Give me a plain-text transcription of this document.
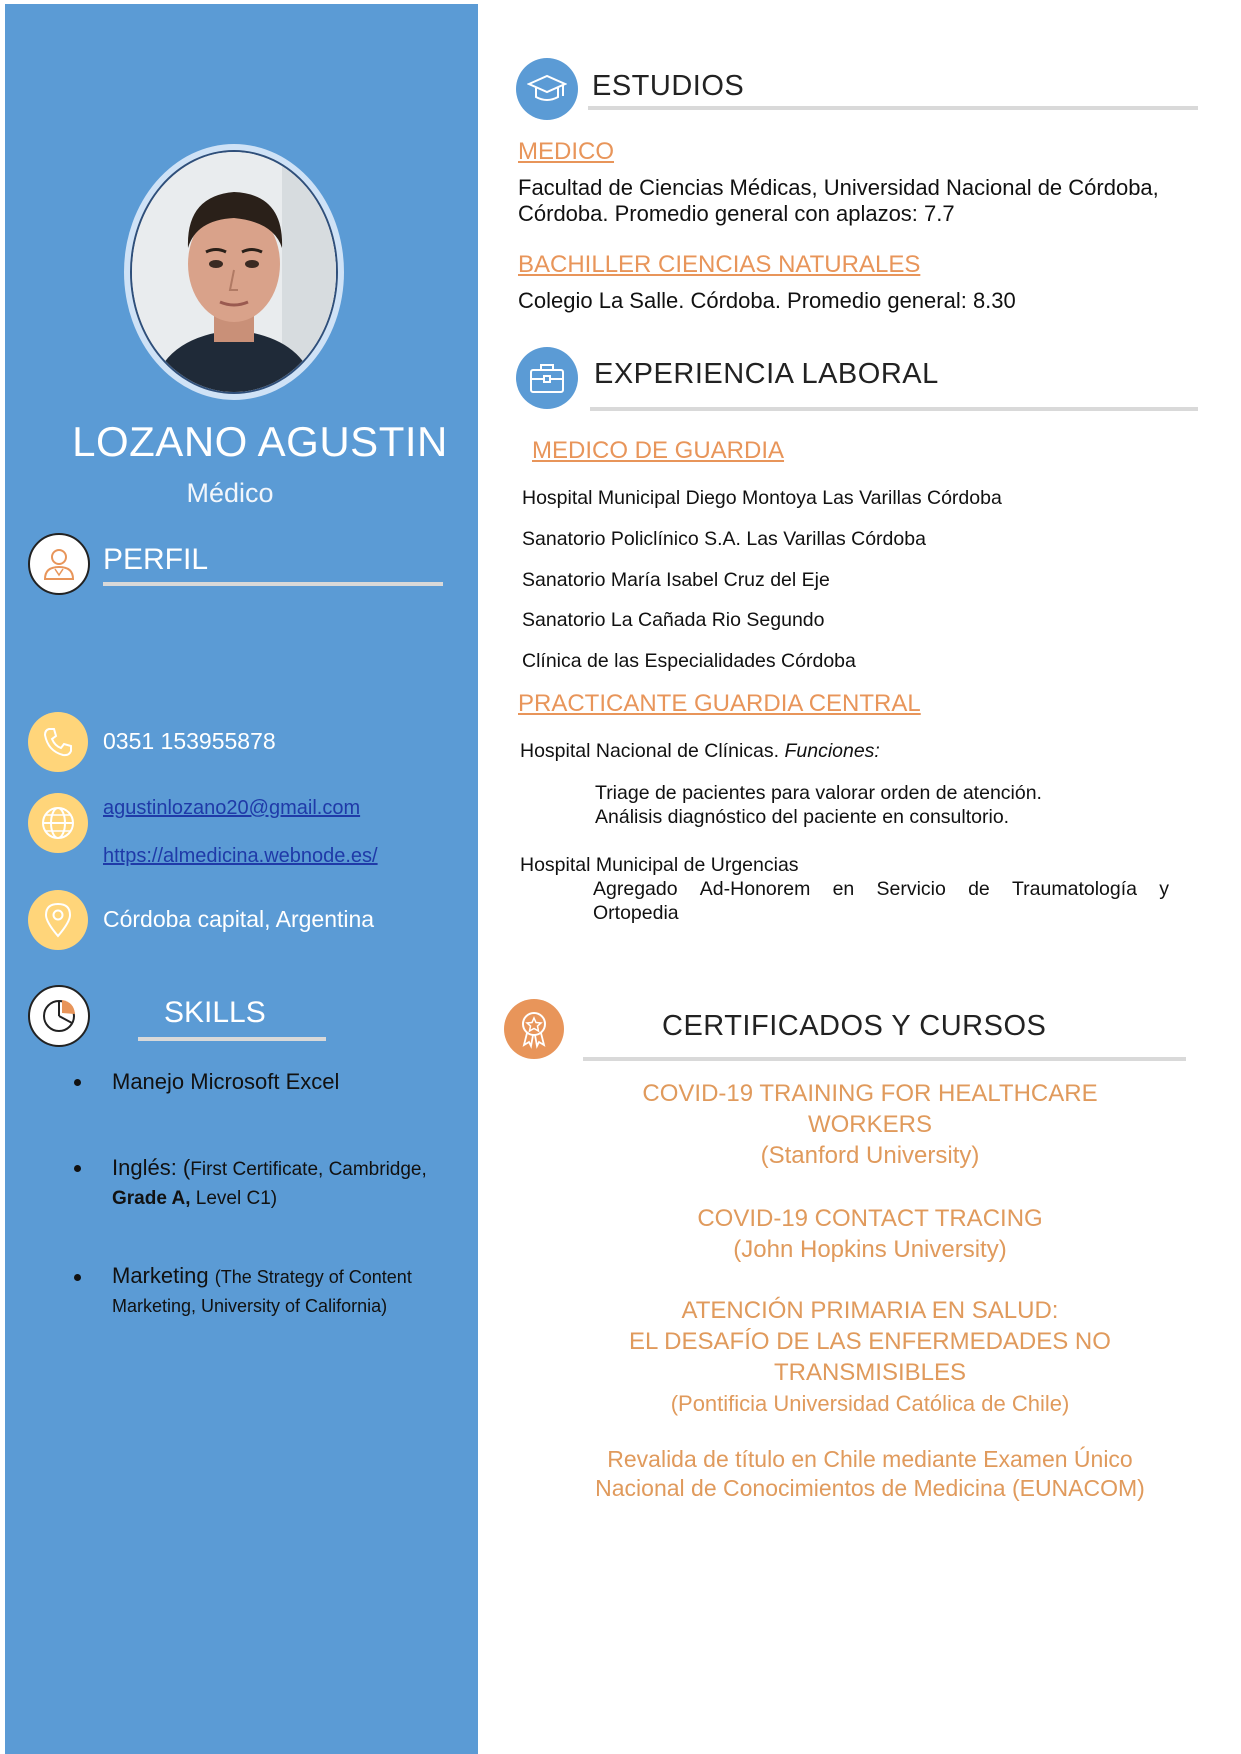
LOZANO AGUSTIN
Médico
PERFIL
0351 153955878
agustinlozano20@gmail.com
https://almedicina.webnode.es/
Córdoba capital, Argentina
SKILLS
Manejo Microsoft Excel
Inglés: (First Certificate, Cambridge, Grade A, Level C1)
Marketing (The Strategy of Content Marketing, University of California)
ESTUDIOS
MEDICO
Facultad de Ciencias Médicas, Universidad Nacional de Córdoba,
Córdoba. Promedio general con aplazos: 7.7
BACHILLER CIENCIAS NATURALES
Colegio La Salle. Córdoba. Promedio general: 8.30
EXPERIENCIA LABORAL
MEDICO DE GUARDIA
Hospital Municipal Diego Montoya Las Varillas Córdoba
Sanatorio Policlínico S.A. Las Varillas Córdoba
Sanatorio María Isabel Cruz del Eje
Sanatorio La Cañada Rio Segundo
Clínica de las Especialidades Córdoba
PRACTICANTE GUARDIA CENTRAL
Hospital Nacional de Clínicas. Funciones:
Triage de pacientes para valorar orden de atención.
Análisis diagnóstico del paciente en consultorio.
Hospital Municipal de Urgencias
Agregado Ad-Honorem en Servicio de Traumatología y
Ortopedia
CERTIFICADOS Y CURSOS
COVID-19 TRAINING FOR HEALTHCARE
WORKERS
(Stanford University)
COVID-19 CONTACT TRACING
(John Hopkins University)
ATENCIÓN PRIMARIA EN SALUD:
EL DESAFÍO DE LAS ENFERMEDADES NO
TRANSMISIBLES
(Pontificia Universidad Católica de Chile)
Revalida de título en Chile mediante Examen Único
Nacional de Conocimientos de Medicina (EUNACOM)
